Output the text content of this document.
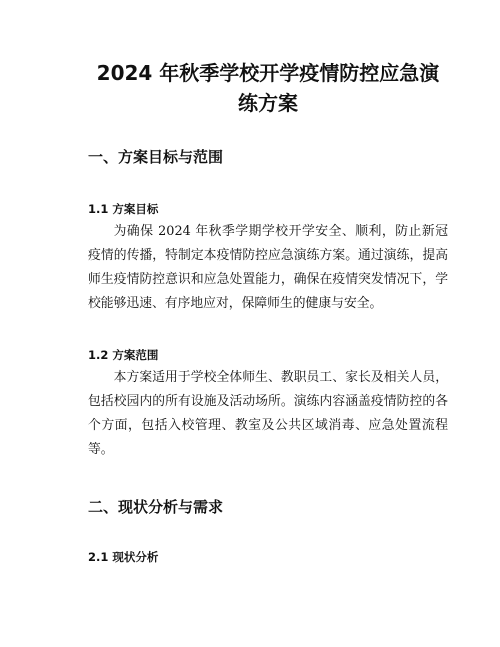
2024 年秋季学校开学疫情防控应急演练方案
一、方案目标与范围
1.1 方案目标

为确保 2024 年秋季学期学校开学安全、顺利，防止新冠疫情的传播，特制定本疫情防控应急演练方案。通过演练，提高师生疫情防控意识和应急处置能力，确保在疫情突发情况下，学校能够迅速、有序地应对，保障师生的健康与安全。

1.2 方案范围

本方案适用于学校全体师生、教职员工、家长及相关人员，包括校园内的所有设施及活动场所。演练内容涵盖疫情防控的各个方面，包括入校管理、教室及公共区域消毒、应急处置流程等。

二、现状分析与需求
2.1 现状分析
